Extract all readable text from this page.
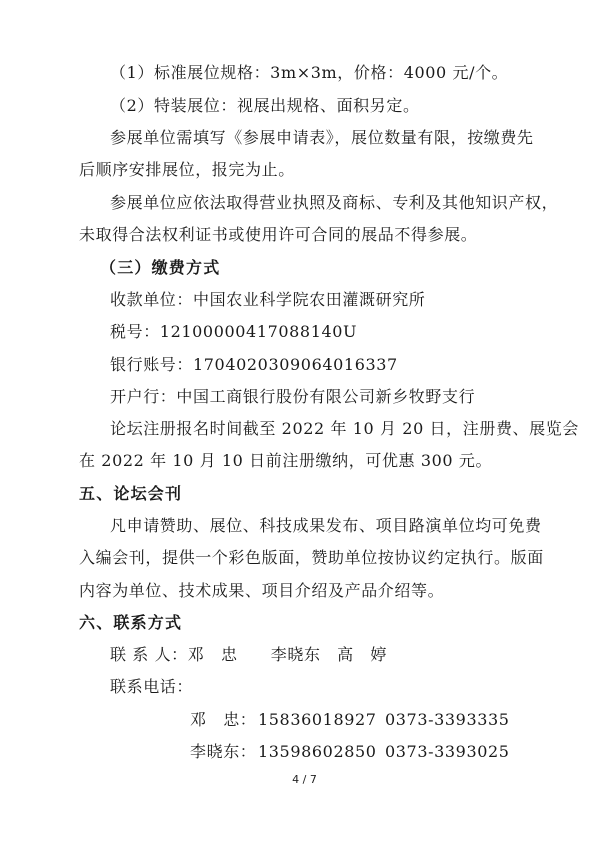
（1）标准展位规格：3m×3m，价格：4000 元/个。
（2）特装展位：视展出规格、面积另定。
参展单位需填写《参展申请表》，展位数量有限，按缴费先
后顺序安排展位，报完为止。
参展单位应依法取得营业执照及商标、专利及其他知识产权，
未取得合法权利证书或使用许可合同的展品不得参展。
（三）缴费方式
收款单位：中国农业科学院农田灌溉研究所
税号：12100000417088140U
银行账号：1704020309064016337
开户行：中国工商银行股份有限公司新乡牧野支行
论坛注册报名时间截至 2022 年 10 月 20 日，注册费、展览会
在 2022 年 10 月 10 日前注册缴纳，可优惠 300 元。
五、论坛会刊
凡申请赞助、展位、科技成果发布、项目路演单位均可免费
入编会刊，提供一个彩色版面，赞助单位按协议约定执行。版面
内容为单位、技术成果、项目介绍及产品介绍等。
六、联系方式
联 系 人：邓　忠　　李晓东　高　婷
联系电话：
邓　忠： 15836018927 0373-3393335
李晓东： 13598602850 0373-3393025
4 / 7
